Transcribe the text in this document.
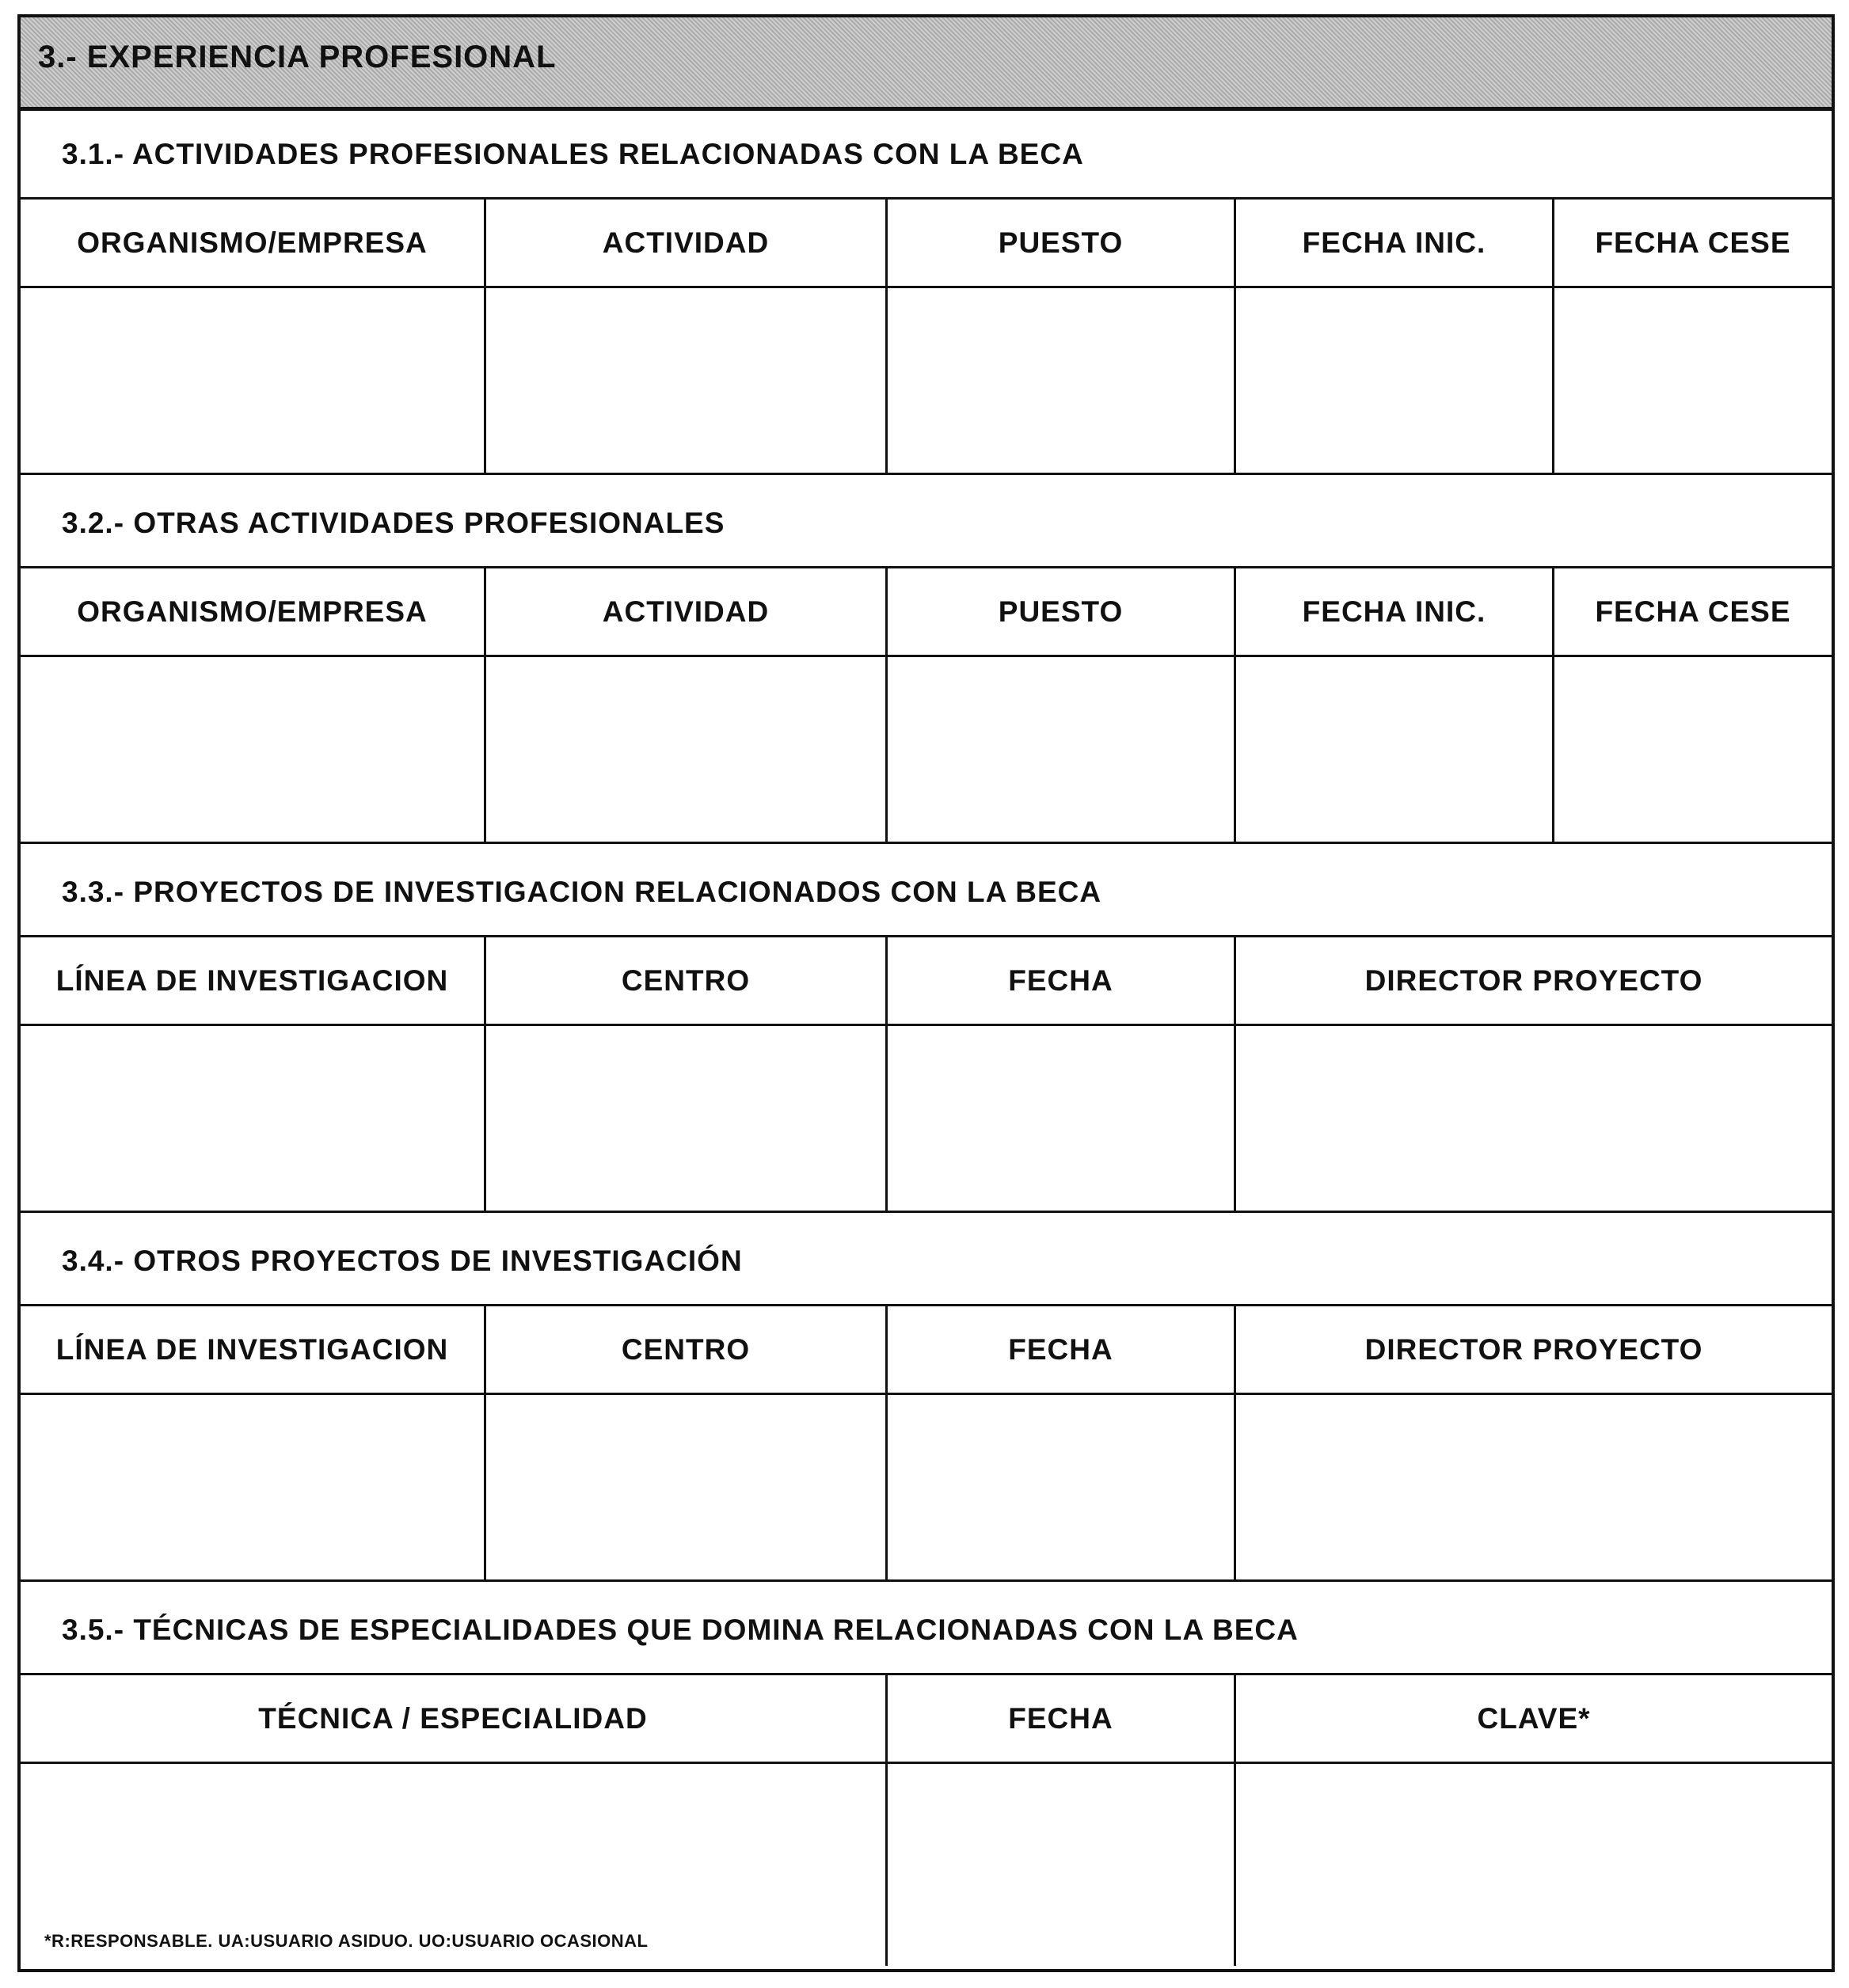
3.- EXPERIENCIA PROFESIONAL
3.1.- ACTIVIDADES PROFESIONALES RELACIONADAS CON LA BECA
ORGANISMO/EMPRESA	ACTIVIDAD	PUESTO	FECHA INIC.	FECHA CESE
3.2.- OTRAS ACTIVIDADES PROFESIONALES
ORGANISMO/EMPRESA	ACTIVIDAD	PUESTO	FECHA INIC.	FECHA CESE
3.3.- PROYECTOS DE INVESTIGACION RELACIONADOS CON LA BECA
LÍNEA DE INVESTIGACION	CENTRO	FECHA	DIRECTOR PROYECTO
3.4.- OTROS PROYECTOS DE INVESTIGACIÓN
LÍNEA DE INVESTIGACION	CENTRO	FECHA	DIRECTOR PROYECTO
3.5.- TÉCNICAS DE ESPECIALIDADES QUE DOMINA RELACIONADAS CON LA BECA
TÉCNICA / ESPECIALIDAD	FECHA	CLAVE*
*R:RESPONSABLE. UA:USUARIO ASIDUO. UO:USUARIO OCASIONAL
